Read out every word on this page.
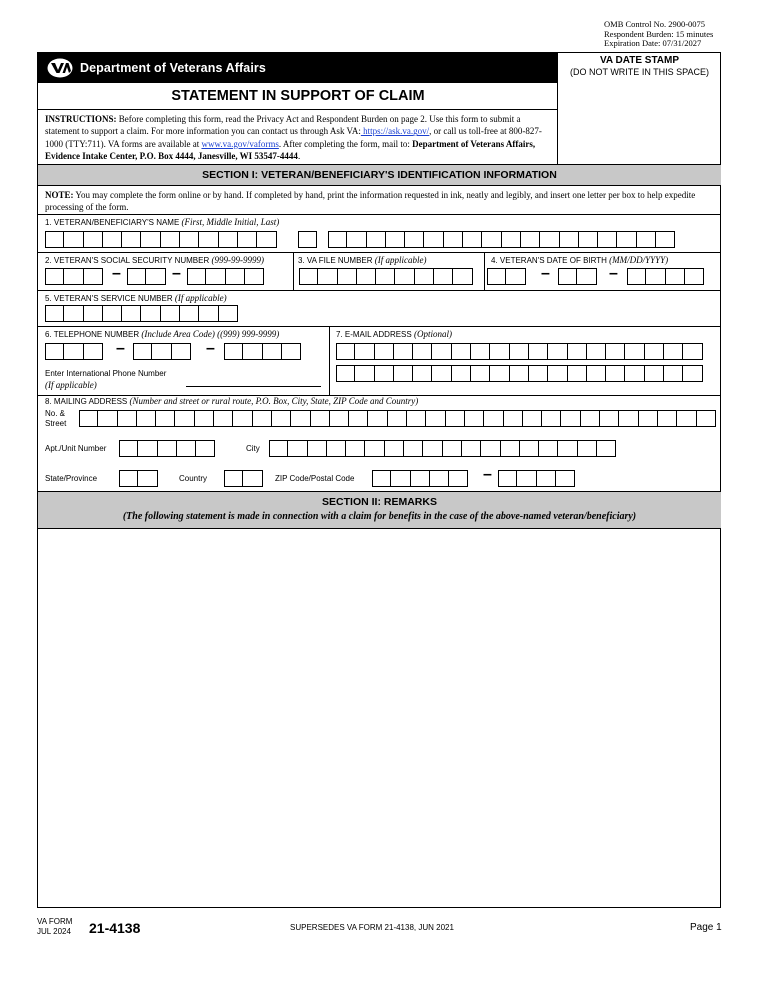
OMB Control No. 2900-0075
Respondent Burden: 15 minutes
Expiration Date: 07/31/2027
Department of Veterans Affairs	VA DATE STAMP
(DO NOT WRITE IN THIS SPACE)
STATEMENT IN SUPPORT OF CLAIM
INSTRUCTIONS: Before completing this form, read the Privacy Act and Respondent Burden on page 2. Use this form to submit a statement to support a claim. For more information you can contact us through Ask VA: https://ask.va.gov/, or call us toll-free at 800-827-1000 (TTY:711). VA forms are available at www.va.gov/vaforms. After completing the form, mail to: Department of Veterans Affairs, Evidence Intake Center, P.O. Box 4444, Janesville, WI 53547-4444.
SECTION I: VETERAN/BENEFICIARY'S IDENTIFICATION INFORMATION
NOTE: You may complete the form online or by hand. If completed by hand, print the information requested in ink, neatly and legibly, and insert one letter per box to help expedite processing of the form.
1. VETERAN/BENEFICIARY'S NAME (First, Middle Initial, Last)
2. VETERAN'S SOCIAL SECURITY NUMBER (999-99-9999)	3. VA FILE NUMBER (If applicable)	4. VETERAN'S DATE OF BIRTH (MM/DD/YYYY)
–	–	–	–
5. VETERAN'S SERVICE NUMBER (If applicable)
6. TELEPHONE NUMBER (Include Area Code) ((999) 999-9999)	7. E-MAIL ADDRESS (Optional)
–	–
Enter International Phone Number
(If applicable)
8. MAILING ADDRESS (Number and street or rural route, P.O. Box, City, State, ZIP Code and Country)
No. &
Street
Apt./Unit Number	City
State/Province	Country	ZIP Code/Postal Code	–
SECTION II: REMARKS
(The following statement is made in connection with a claim for benefits in the case of the above-named veteran/beneficiary)
VA FORM
JUL 2024 21-4138	SUPERSEDES VA FORM 21-4138, JUN 2021	Page 1
